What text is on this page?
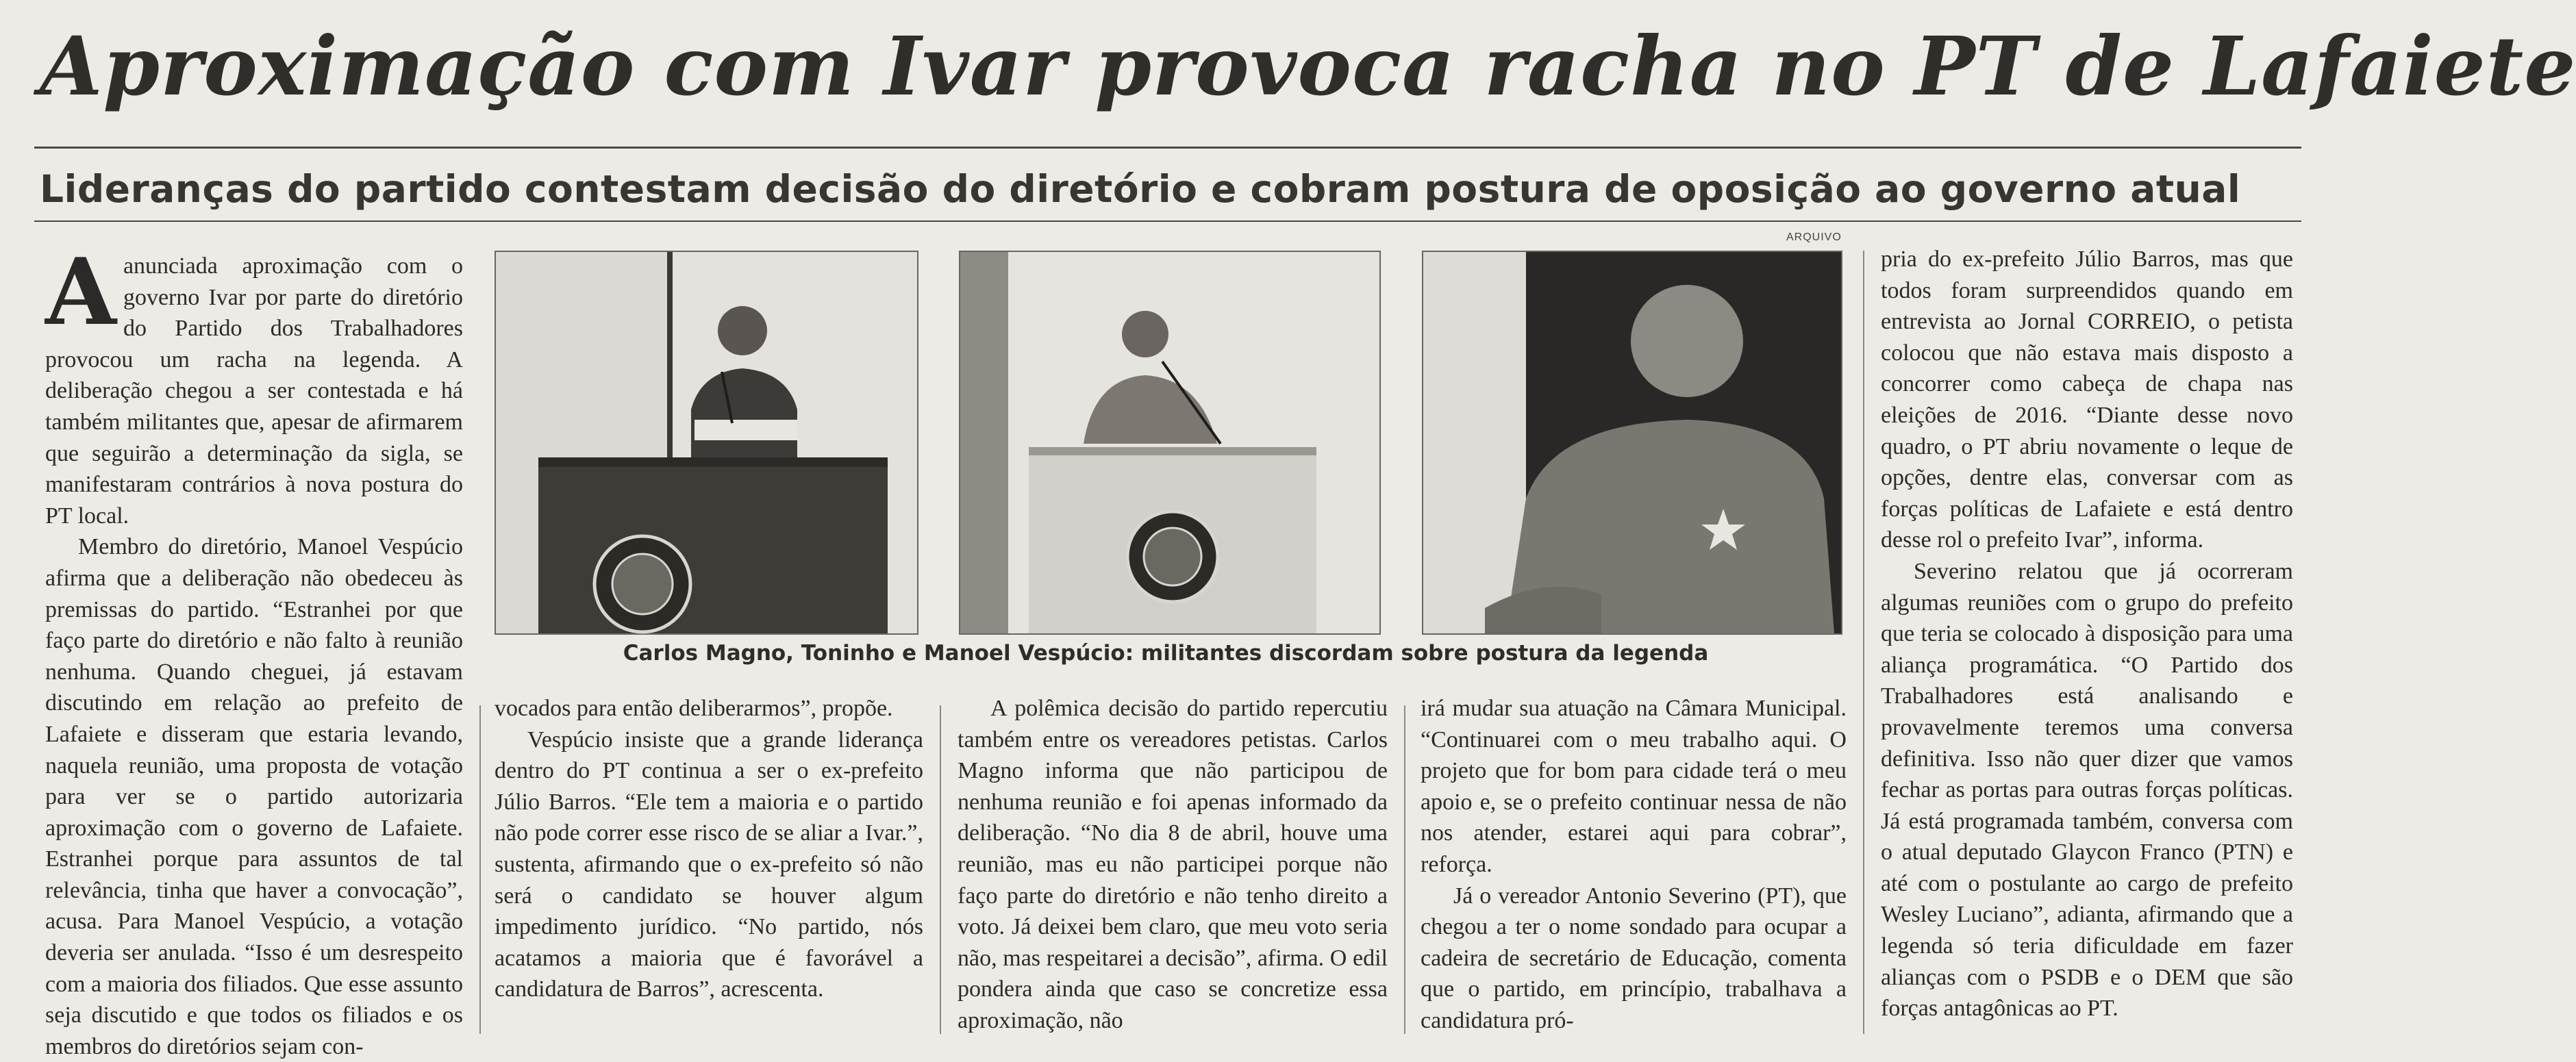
Aproximação com Ivar provoca racha no PT de Lafaiete
Lideranças do partido contestam decisão do diretório e cobram postura de oposição ao governo atual
ARQUIVO

Aanunciada aproximação com o governo Ivar por parte do diretório do Partido dos Trabalhadores provocou um racha na legenda. A deliberação chegou a ser contestada e há também militantes que, apesar de afirmarem que seguirão a determinação da sigla, se manifestaram contrários à nova postura do PT local.

Membro do diretório, Manoel Vespúcio afirma que a deliberação não obedeceu às premissas do partido. “Estranhei por que faço parte do diretório e não falto à reunião nenhuma. Quando cheguei, já estavam discutindo em relação ao prefeito de Lafaiete e disseram que estaria levando, naquela reunião, uma proposta de votação para ver se o partido autorizaria aproximação com o governo de Lafaiete. Estranhei porque para assuntos de tal relevância, tinha que haver a convocação”, acusa. Para Manoel Vespúcio, a votação deveria ser anulada. “Isso é um desrespeito com a maioria dos filiados. Que esse assunto seja discutido e que todos os filiados e os membros do diretórios sejam con-

Carlos Magno, Toninho e Manoel Vespúcio: militantes discordam sobre postura da legenda

vocados para então deliberarmos”, propõe.

Vespúcio insiste que a grande liderança dentro do PT continua a ser o ex-prefeito Júlio Barros. “Ele tem a maioria e o partido não pode correr esse risco de se aliar a Ivar.”, sustenta, afirmando que o ex-prefeito só não será o candidato se houver algum impedimento jurídico. “No partido, nós acatamos a maioria que é favorável a candidatura de Barros”, acrescenta.

A polêmica decisão do partido repercutiu também entre os vereadores petistas. Carlos Magno informa que não participou de nenhuma reunião e foi apenas informado da deliberação. “No dia 8 de abril, houve uma reunião, mas eu não participei porque não faço parte do diretório e não tenho direito a voto. Já deixei bem claro, que meu voto seria não, mas respeitarei a decisão”, afirma. O edil pondera ainda que caso se concretize essa aproximação, não

irá mudar sua atuação na Câmara Municipal. “Continuarei com o meu trabalho aqui. O projeto que for bom para cidade terá o meu apoio e, se o prefeito continuar nessa de não nos atender, estarei aqui para cobrar”, reforça.

Já o vereador Antonio Severino (PT), que chegou a ter o nome sondado para ocupar a cadeira de secretário de Educação, comenta que o partido, em princípio, trabalhava a candidatura pró-

pria do ex-prefeito Júlio Barros, mas que todos foram surpreendidos quando em entrevista ao Jornal CORREIO, o petista colocou que não estava mais disposto a concorrer como cabeça de chapa nas eleições de 2016. “Diante desse novo quadro, o PT abriu novamente o leque de opções, dentre elas, conversar com as forças políticas de Lafaiete e está dentro desse rol o prefeito Ivar”, informa.

Severino relatou que já ocorreram algumas reuniões com o grupo do prefeito que teria se colocado à disposição para uma aliança programática. “O Partido dos Trabalhadores está analisando e provavelmente teremos uma conversa definitiva. Isso não quer dizer que vamos fechar as portas para outras forças políticas. Já está programada também, conversa com o atual deputado Glaycon Franco (PTN) e até com o postulante ao cargo de prefeito Wesley Luciano”, adianta, afirmando que a legenda só teria dificuldade em fazer alianças com o PSDB e o DEM que são forças antagônicas ao PT.
